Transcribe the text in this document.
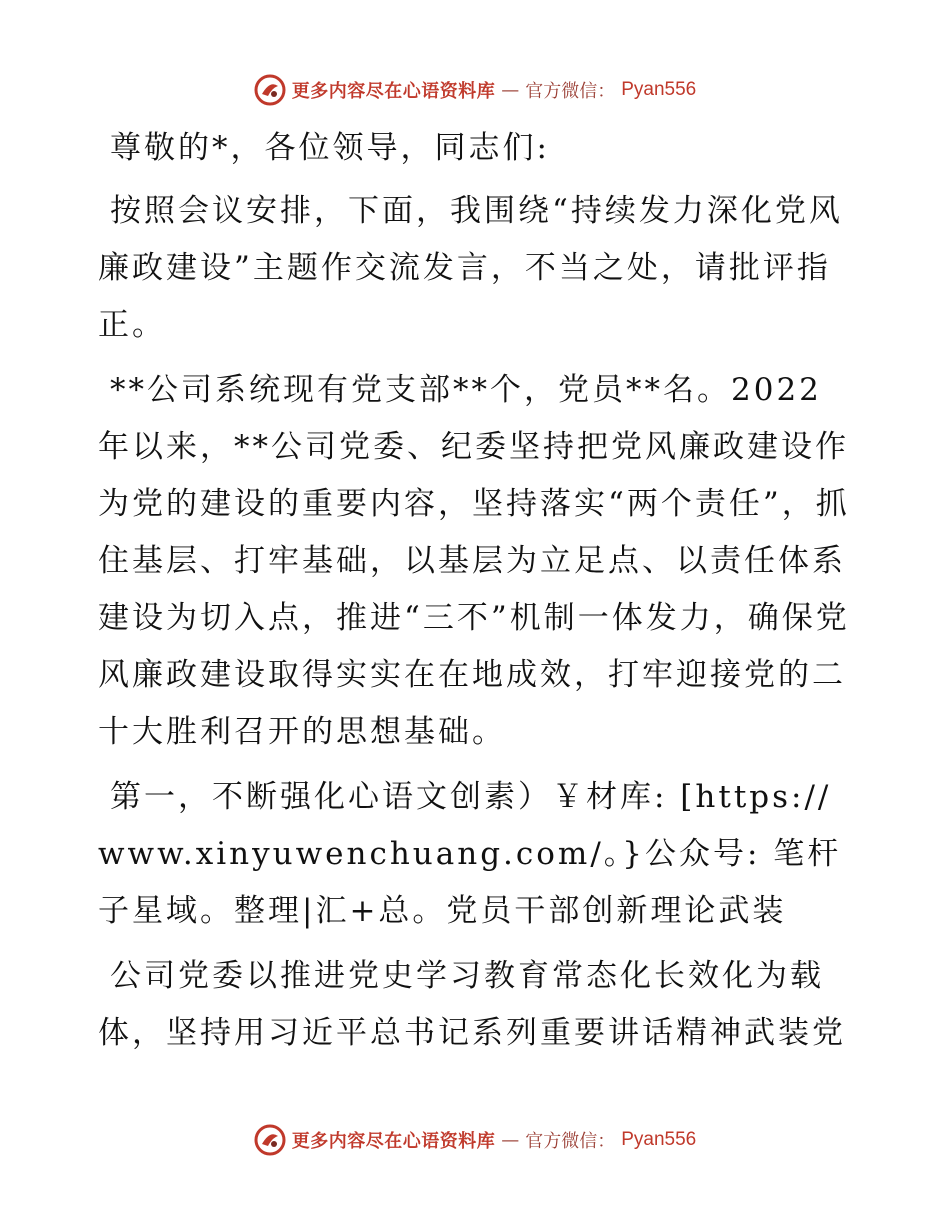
更多内容尽在心语资料库 — 官方微信： Pyan556

尊敬的*，各位领导，同志们:

按照会议安排，下面，我围绕“持续发力深化党风廉政建设”主题作交流发言，不当之处，请批评指正。

**公司系统现有党支部**个，党员**名。2022年以来，**公司党委、纪委坚持把党风廉政建设作为党的建设的重要内容，坚持落实“两个责任”，抓住基层、打牢基础，以基层为立足点、以责任体系建设为切入点，推进“三不”机制一体发力，确保党风廉政建设取得实实在在地成效，打牢迎接党的二十大胜利召开的思想基础。

第一，不断强化心语文创素）￥材库: [https://www.xinyuwenchuang.com/。}公众号: 笔杆子星域。整理|汇+总。党员干部创新理论武装

公司党委以推进党史学习教育常态化长效化为载体，坚持用习近平总书记系列重要讲话精神武装党

更多内容尽在心语资料库 — 官方微信： Pyan556
